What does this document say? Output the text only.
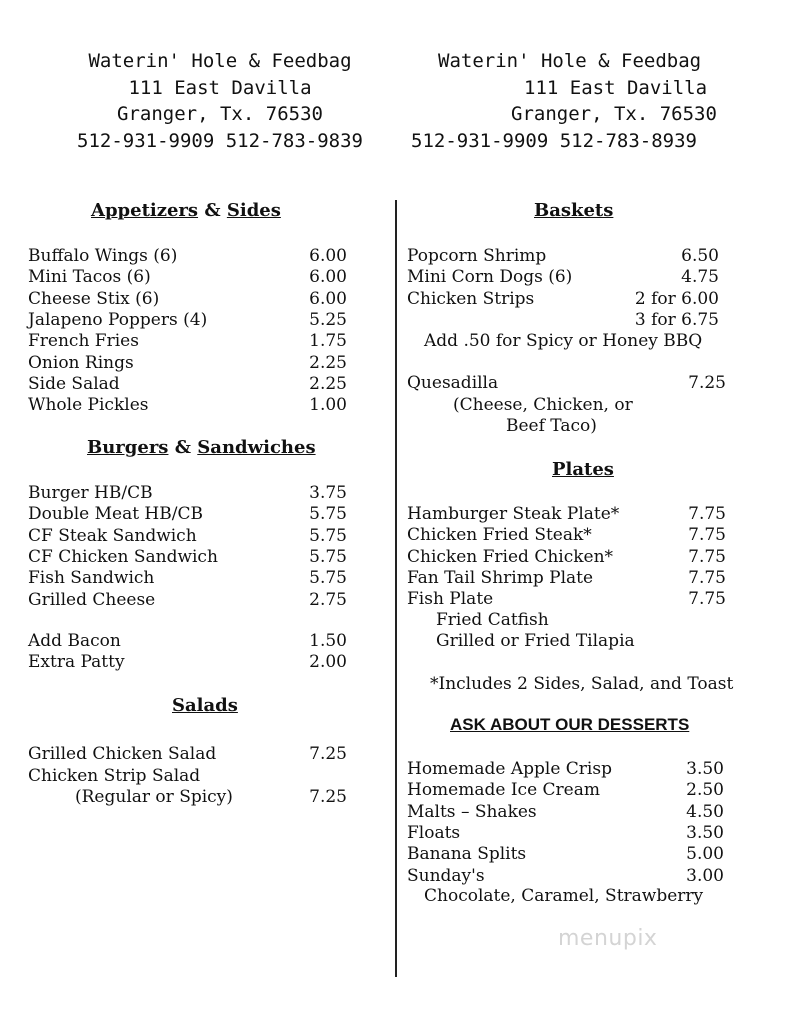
Waterin' Hole & Feedbag
111 East Davilla
Granger, Tx. 76530
512-931-9909 512-783-9839
Waterin' Hole & Feedbag
111 East Davilla
Granger, Tx. 76530
512-931-9909 512-783-8939
Appetizers & Sides
Buffalo Wings (6)	6.00
Mini Tacos (6)	6.00
Cheese Stix (6)	6.00
Jalapeno Poppers (4)	5.25
French Fries	1.75
Onion Rings	2.25
Side Salad	2.25
Whole Pickles	1.00
Burgers & Sandwiches
Burger HB/CB	3.75
Double Meat HB/CB	5.75
CF Steak Sandwich	5.75
CF Chicken Sandwich	5.75
Fish Sandwich	5.75
Grilled Cheese	2.75
Add Bacon	1.50
Extra Patty	2.00
Salads
Grilled Chicken Salad	7.25
Chicken Strip Salad
(Regular or Spicy)	7.25
Baskets
Popcorn Shrimp	6.50
Mini Corn Dogs (6)	4.75
Chicken Strips	2 for 6.00
3 for 6.75
Add .50 for Spicy or Honey BBQ
Quesadilla	7.25
(Cheese, Chicken, or
Beef Taco)
Plates
Hamburger Steak Plate*	7.75
Chicken Fried Steak*	7.75
Chicken Fried Chicken*	7.75
Fan Tail Shrimp Plate	7.75
Fish Plate	7.75
Fried Catfish
Grilled or Fried Tilapia
*Includes 2 Sides, Salad, and Toast
ASK ABOUT OUR DESSERTS
Homemade Apple Crisp	3.50
Homemade Ice Cream	2.50
Malts – Shakes	4.50
Floats	3.50
Banana Splits	5.00
Sunday's	3.00
Chocolate, Caramel, Strawberry
menupix
